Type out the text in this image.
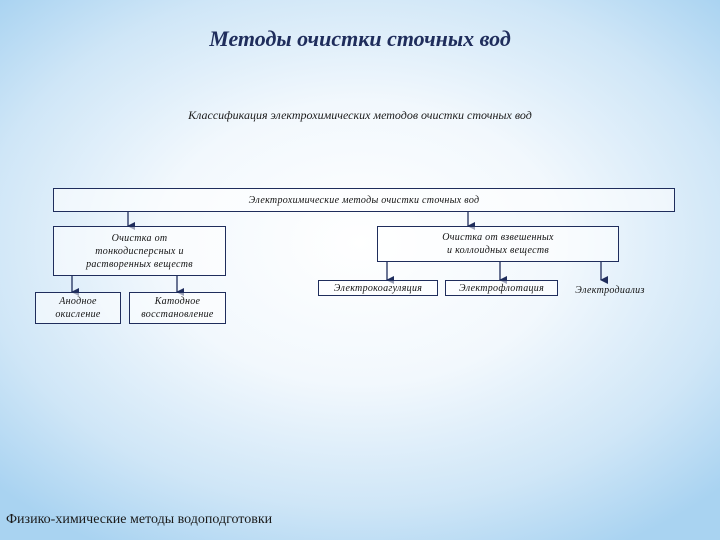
Методы очистки сточных вод
Классификация электрохимических методов очистки сточных вод
Электрохимические методы очистки сточных вод
Очистка от
тонкодисперсных и
растворенных веществ
Очистка от взвешенных
и коллоидных веществ
Анодное
окисление
Катодное
восстановление
Электрокоагуляция	Электрофлотация	Электродиализ
Физико-химические методы водоподготовки
